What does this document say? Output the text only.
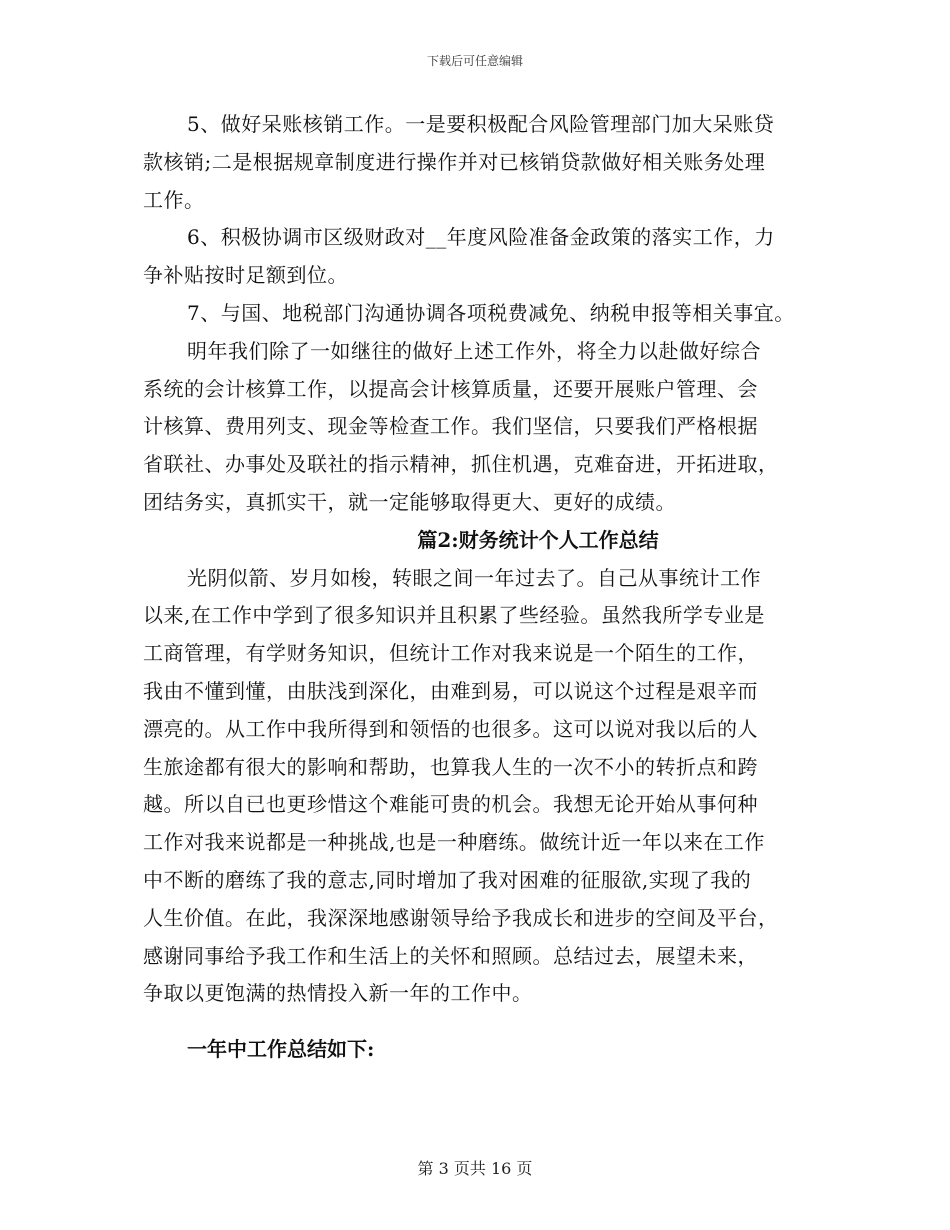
下载后可任意编辑
5、做好呆账核销工作。一是要积极配合风险管理部门加大呆账贷
款核销;二是根据规章制度进行操作并对已核销贷款做好相关账务处理
工作。
6、积极协调市区级财政对__年度风险准备金政策的落实工作，力
争补贴按时足额到位。
7、与国、地税部门沟通协调各项税费减免、纳税申报等相关事宜。
明年我们除了一如继往的做好上述工作外，将全力以赴做好综合
系统的会计核算工作，以提高会计核算质量，还要开展账户管理、会
计核算、费用列支、现金等检查工作。我们坚信，只要我们严格根据
省联社、办事处及联社的指示精神，抓住机遇，克难奋进，开拓进取，
团结务实，真抓实干，就一定能够取得更大、更好的成绩。
篇2:财务统计个人工作总结
光阴似箭、岁月如梭，转眼之间一年过去了。自己从事统计工作
以来,在工作中学到了很多知识并且积累了些经验。虽然我所学专业是
工商管理，有学财务知识，但统计工作对我来说是一个陌生的工作，
我由不懂到懂，由肤浅到深化，由难到易，可以说这个过程是艰辛而
漂亮的。从工作中我所得到和领悟的也很多。这可以说对我以后的人
生旅途都有很大的影响和帮助，也算我人生的一次不小的转折点和跨
越。所以自已也更珍惜这个难能可贵的机会。我想无论开始从事何种
工作对我来说都是一种挑战,也是一种磨练。做统计近一年以来在工作
中不断的磨练了我的意志,同时增加了我对困难的征服欲,实现了我的
人生价值。在此，我深深地感谢领导给予我成长和进步的空间及平台，
感谢同事给予我工作和生活上的关怀和照顾。总结过去，展望未来，
争取以更饱满的热情投入新一年的工作中。
一年中工作总结如下:
第 3 页共 16 页
